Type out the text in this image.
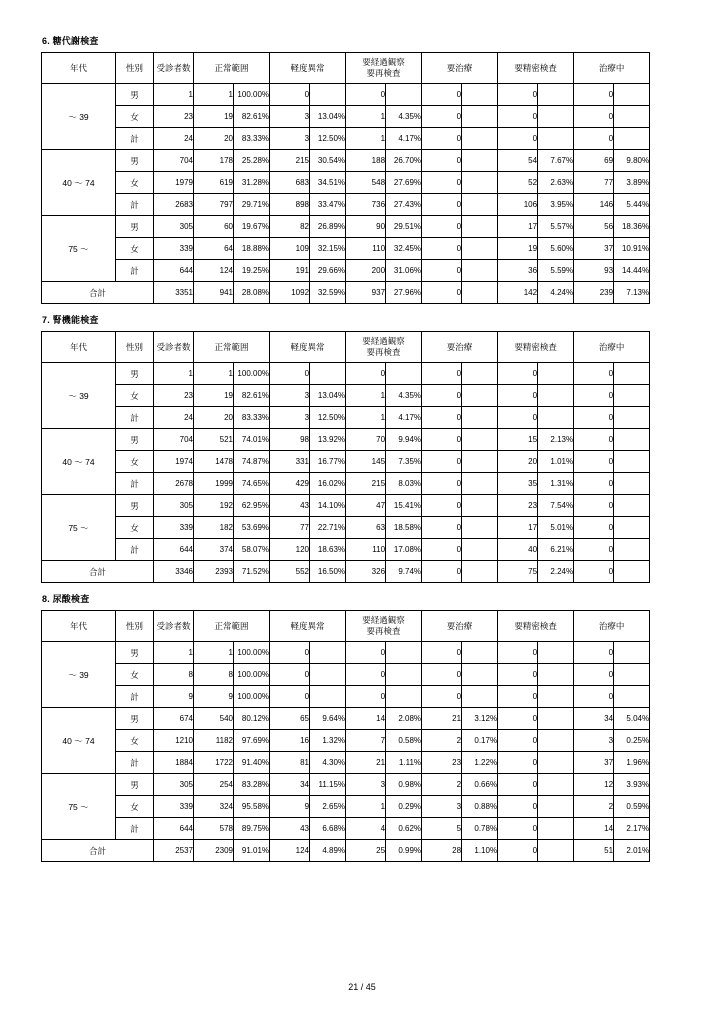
6. 糖代謝検査
年代	性別	受診者数	正常範囲		軽度異常		要経過観察
要再検査		要治療		要精密検査		治療中	
〜 39	男	1	1	100.00%	0		0		0		0		0	
	女	23	19	82.61%	3	13.04%	1	4.35%	0		0		0	
	計	24	20	83.33%	3	12.50%	1	4.17%	0		0		0	
40 〜 74	男	704	178	25.28%	215	30.54%	188	26.70%	0		54	7.67%	69	9.80%
	女	1979	619	31.28%	683	34.51%	548	27.69%	0		52	2.63%	77	3.89%
	計	2683	797	29.71%	898	33.47%	736	27.43%	0		106	3.95%	146	5.44%
75 〜	男	305	60	19.67%	82	26.89%	90	29.51%	0		17	5.57%	56	18.36%
	女	339	64	18.88%	109	32.15%	110	32.45%	0		19	5.60%	37	10.91%
	計	644	124	19.25%	191	29.66%	200	31.06%	0		36	5.59%	93	14.44%
合計		3351	941	28.08%	1092	32.59%	937	27.96%	0		142	4.24%	239	7.13%
7. 腎機能検査
年代	性別	受診者数	正常範囲		軽度異常		要経過観察
要再検査		要治療		要精密検査		治療中	
〜 39	男	1	1	100.00%	0		0		0		0		0	
	女	23	19	82.61%	3	13.04%	1	4.35%	0		0		0	
	計	24	20	83.33%	3	12.50%	1	4.17%	0		0		0	
40 〜 74	男	704	521	74.01%	98	13.92%	70	9.94%	0		15	2.13%	0	
	女	1974	1478	74.87%	331	16.77%	145	7.35%	0		20	1.01%	0	
	計	2678	1999	74.65%	429	16.02%	215	8.03%	0		35	1.31%	0	
75 〜	男	305	192	62.95%	43	14.10%	47	15.41%	0		23	7.54%	0	
	女	339	182	53.69%	77	22.71%	63	18.58%	0		17	5.01%	0	
	計	644	374	58.07%	120	18.63%	110	17.08%	0		40	6.21%	0	
合計		3346	2393	71.52%	552	16.50%	326	9.74%	0		75	2.24%	0	
8. 尿酸検査
年代	性別	受診者数	正常範囲		軽度異常		要経過観察
要再検査		要治療		要精密検査		治療中	
〜 39	男	1	1	100.00%	0		0		0		0		0	
	女	8	8	100.00%	0		0		0		0		0	
	計	9	9	100.00%	0		0		0		0		0	
40 〜 74	男	674	540	80.12%	65	9.64%	14	2.08%	21	3.12%	0		34	5.04%
	女	1210	1182	97.69%	16	1.32%	7	0.58%	2	0.17%	0		3	0.25%
	計	1884	1722	91.40%	81	4.30%	21	1.11%	23	1.22%	0		37	1.96%
75 〜	男	305	254	83.28%	34	11.15%	3	0.98%	2	0.66%	0		12	3.93%
	女	339	324	95.58%	9	2.65%	1	0.29%	3	0.88%	0		2	0.59%
	計	644	578	89.75%	43	6.68%	4	0.62%	5	0.78%	0		14	2.17%
合計		2537	2309	91.01%	124	4.89%	25	0.99%	28	1.10%	0		51	2.01%
21 / 45
